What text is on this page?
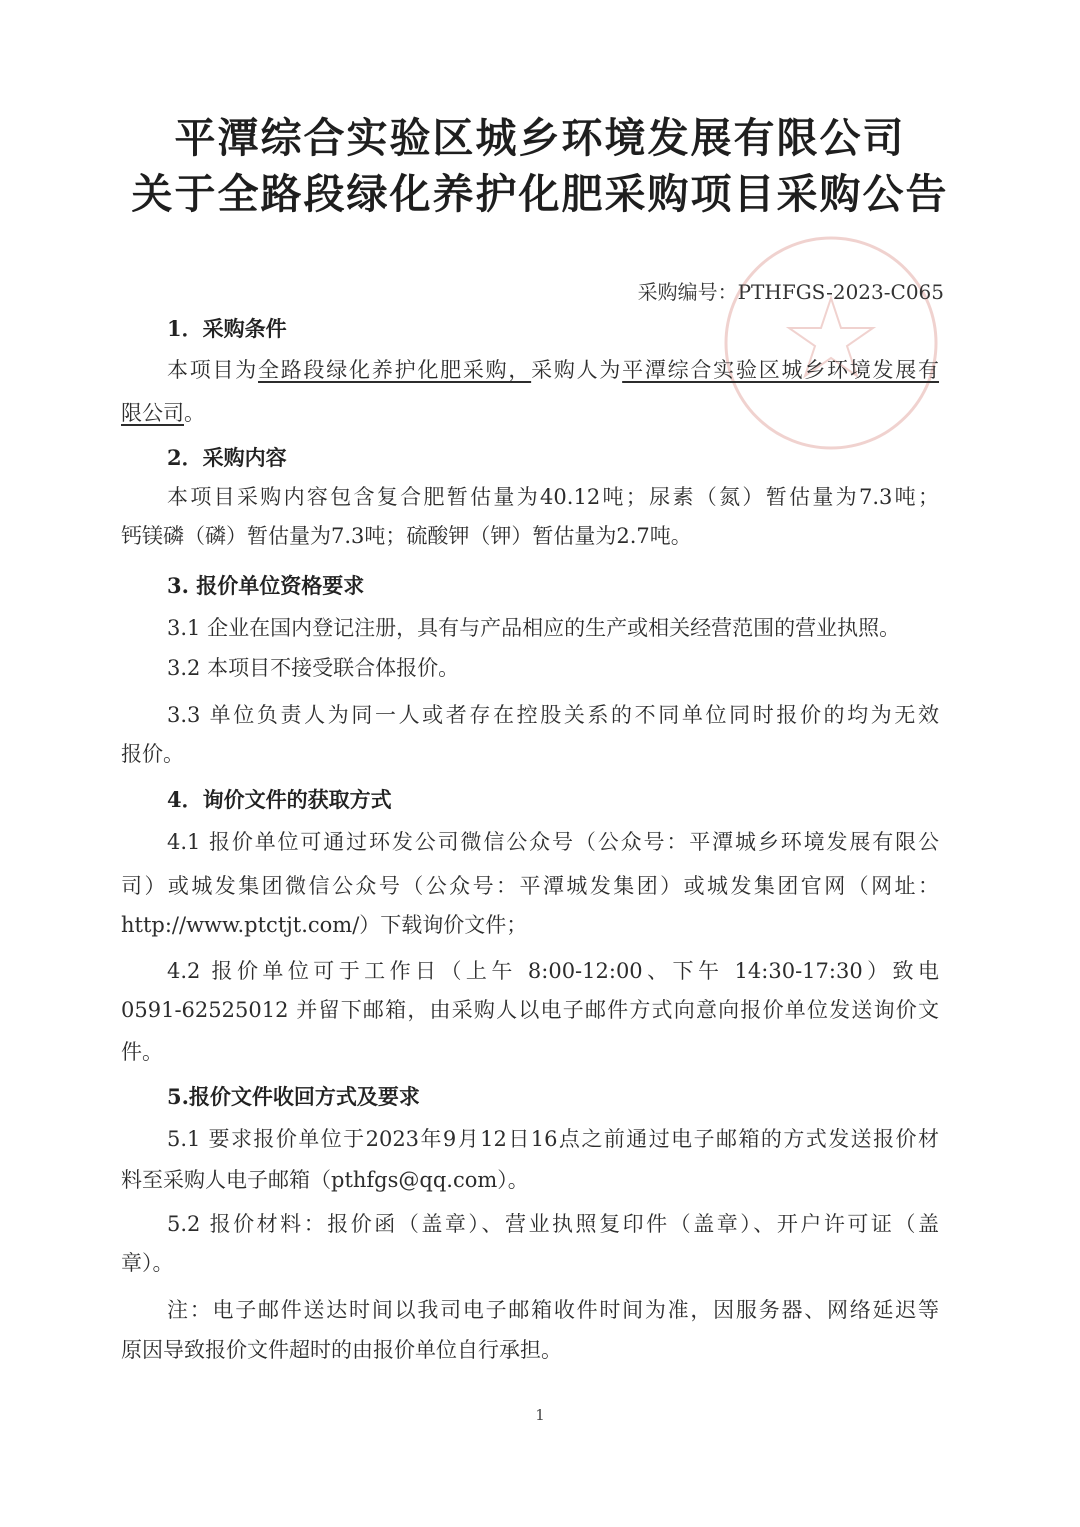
平潭综合实验区城乡环境发展有限公司
关于全路段绿化养护化肥采购项目采购公告
采购编号：PTHFGS-2023-C065
1．采购条件
本项目为全路段绿化养护化肥采购，采购人为平潭综合实验区城乡环境发展有
限公司。
2．采购内容
本项目采购内容包含复合肥暂估量为40.12吨；尿素（氮）暂估量为7.3吨；
钙镁磷（磷）暂估量为7.3吨；硫酸钾（钾）暂估量为2.7吨。
3. 报价单位资格要求
3.1 企业在国内登记注册，具有与产品相应的生产或相关经营范围的营业执照。
3.2 本项目不接受联合体报价。
3.3 单位负责人为同一人或者存在控股关系的不同单位同时报价的均为无效
报价。
4．询价文件的获取方式
4.1 报价单位可通过环发公司微信公众号（公众号：平潭城乡环境发展有限公
司）或城发集团微信公众号（公众号：平潭城发集团）或城发集团官网（网址：
http://www.ptctjt.com/）下载询价文件；
4.2 报价单位可于工作日（上午 8:00-12:00、下午 14:30-17:30）致电
0591-62525012 并留下邮箱，由采购人以电子邮件方式向意向报价单位发送询价文
件。
5.报价文件收回方式及要求
5.1 要求报价单位于2023年9月12日16点之前通过电子邮箱的方式发送报价材
料至采购人电子邮箱（pthfgs@qq.com）。
5.2 报价材料：报价函（盖章）、营业执照复印件（盖章）、开户许可证（盖
章）。
注：电子邮件送达时间以我司电子邮箱收件时间为准，因服务器、网络延迟等
原因导致报价文件超时的由报价单位自行承担。
1
